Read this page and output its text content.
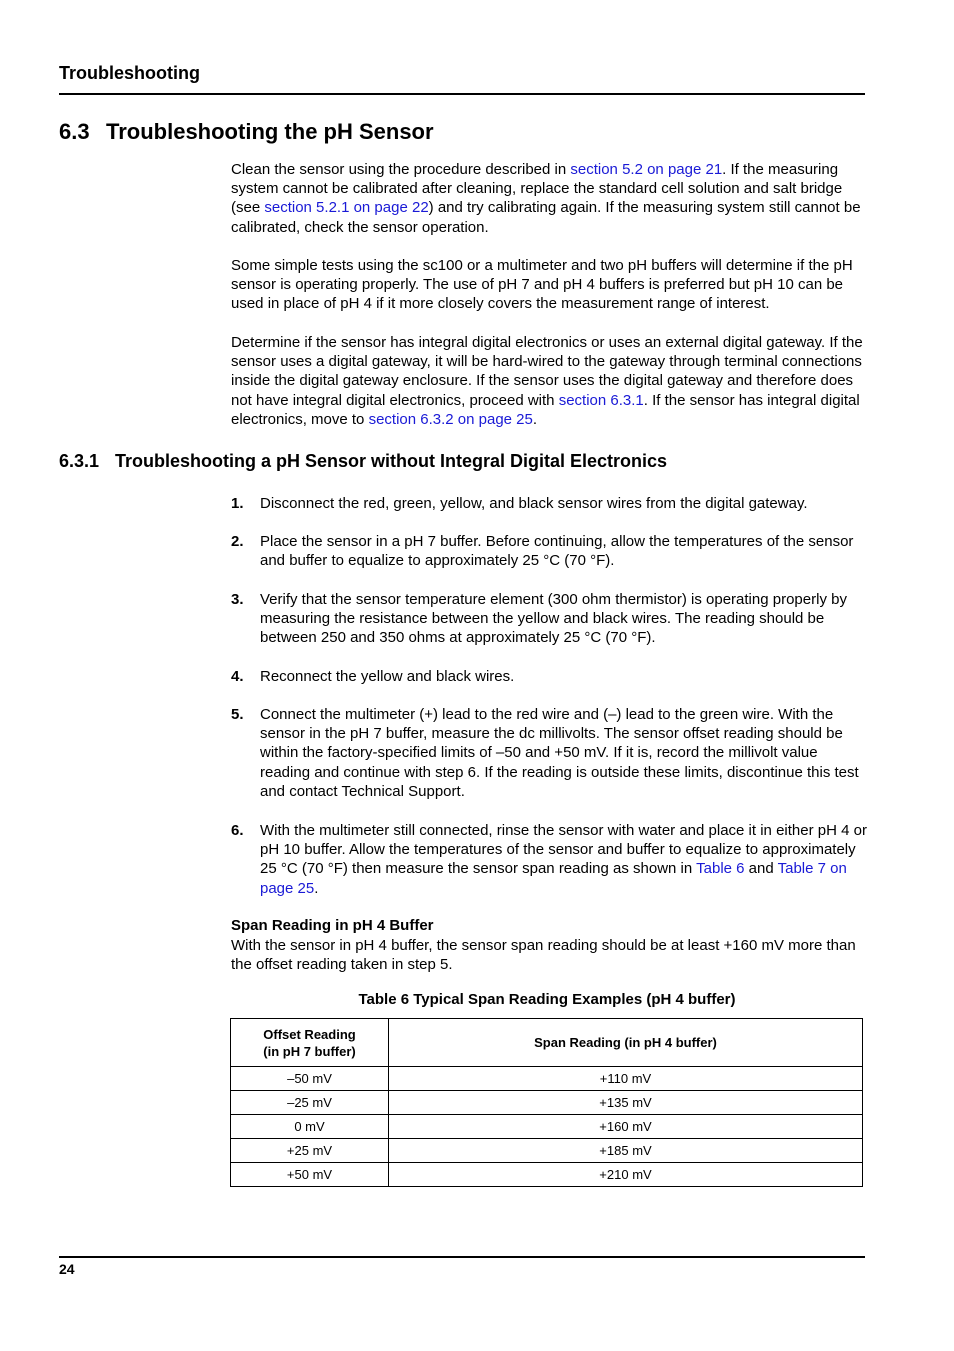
Troubleshooting
6.3 Troubleshooting the pH Sensor

Clean the sensor using the procedure described in section 5.2 on page 21. If the measuring system cannot be calibrated after cleaning, replace the standard cell solution and salt bridge (see section 5.2.1 on page 22) and try calibrating again. If the measuring system still cannot be calibrated, check the sensor operation.

Some simple tests using the sc100 or a multimeter and two pH buffers will determine if the pH sensor is operating properly. The use of pH 7 and pH 4 buffers is preferred but pH 10 can be used in place of pH 4 if it more closely covers the measurement range of interest.

Determine if the sensor has integral digital electronics or uses an external digital gateway. If the sensor uses a digital gateway, it will be hard-wired to the gateway through terminal connections inside the digital gateway enclosure. If the sensor uses the digital gateway and therefore does not have integral digital electronics, proceed with section 6.3.1. If the sensor has integral digital electronics, move to section 6.3.2 on page 25.

6.3.1 Troubleshooting a pH Sensor without Integral Digital Electronics
1. Disconnect the red, green, yellow, and black sensor wires from the digital gateway.
2. Place the sensor in a pH 7 buffer. Before continuing, allow the temperatures of the sensor and buffer to equalize to approximately 25 °C (70 °F).
3. Verify that the sensor temperature element (300 ohm thermistor) is operating properly by measuring the resistance between the yellow and black wires. The reading should be between 250 and 350 ohms at approximately 25 °C (70 °F).
4. Reconnect the yellow and black wires.
5. Connect the multimeter (+) lead to the red wire and (–) lead to the green wire. With the sensor in the pH 7 buffer, measure the dc millivolts. The sensor offset reading should be within the factory-specified limits of –50 and +50 mV. If it is, record the millivolt value reading and continue with step 6. If the reading is outside these limits, discontinue this test and contact Technical Support.
6. With the multimeter still connected, rinse the sensor with water and place it in either pH 4 or pH 10 buffer. Allow the temperatures of the sensor and buffer to equalize to approximately 25 °C (70 °F) then measure the sensor span reading as shown in Table 6 and Table 7 on page 25.
Span Reading in pH 4 Buffer

With the sensor in pH 4 buffer, the sensor span reading should be at least +160 mV more than the offset reading taken in step 5.

Table 6 Typical Span Reading Examples (pH 4 buffer)
Offset Reading
(in pH 7 buffer)	Span Reading (in pH 4 buffer)
–50 mV	+110 mV
–25 mV	+135 mV
0 mV	+160 mV
+25 mV	+185 mV
+50 mV	+210 mV
24
